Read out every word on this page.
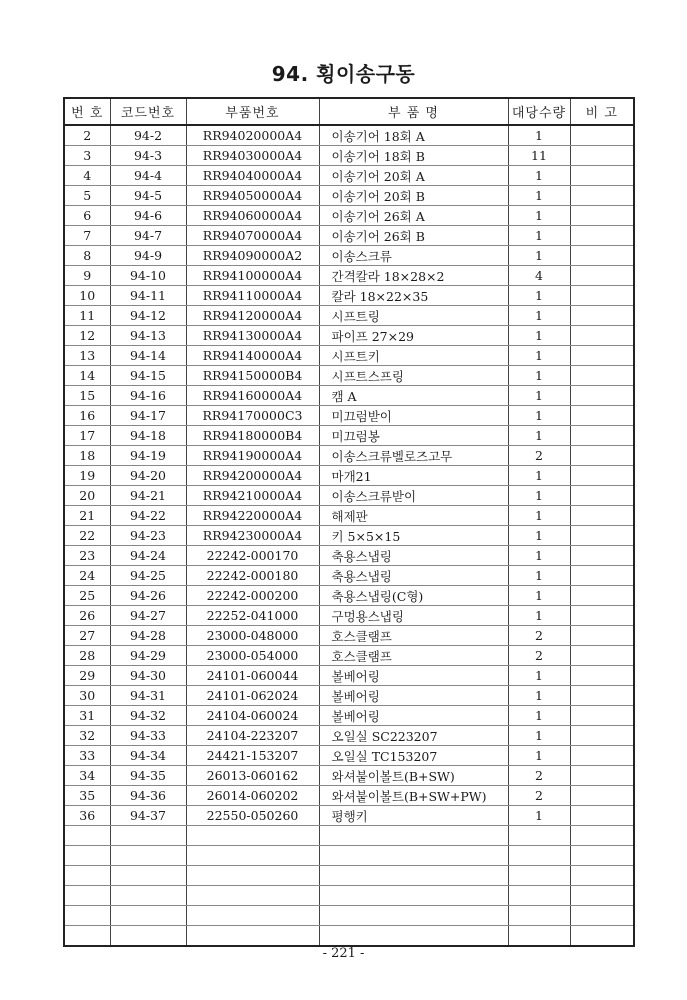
94. 횡이송구동
번 호	코드번호	부품번호	부 품 명	대당수량	비 고
2	94-2	RR94020000A4	이송기어 18회 A	1	
3	94-3	RR94030000A4	이송기어 18회 B	11	
4	94-4	RR94040000A4	이송기어 20회 A	1	
5	94-5	RR94050000A4	이송기어 20회 B	1	
6	94-6	RR94060000A4	이송기어 26회 A	1	
7	94-7	RR94070000A4	이송기어 26회 B	1	
8	94-9	RR94090000A2	이송스크류	1	
9	94-10	RR94100000A4	간격칼라 18×28×2	4	
10	94-11	RR94110000A4	칼라 18×22×35	1	
11	94-12	RR94120000A4	시프트링	1	
12	94-13	RR94130000A4	파이프 27×29	1	
13	94-14	RR94140000A4	시프트키	1	
14	94-15	RR94150000B4	시프트스프링	1	
15	94-16	RR94160000A4	캠 A	1	
16	94-17	RR94170000C3	미끄럼받이	1	
17	94-18	RR94180000B4	미끄럼봉	1	
18	94-19	RR94190000A4	이송스크류벨로즈고무	2	
19	94-20	RR94200000A4	마개21	1	
20	94-21	RR94210000A4	이송스크류받이	1	
21	94-22	RR94220000A4	해제판	1	
22	94-23	RR94230000A4	키 5×5×15	1	
23	94-24	22242-000170	축용스냅링	1	
24	94-25	22242-000180	축용스냅링	1	
25	94-26	22242-000200	축용스냅링(C형)	1	
26	94-27	22252-041000	구멍용스냅링	1	
27	94-28	23000-048000	호스클램프	2	
28	94-29	23000-054000	호스클램프	2	
29	94-30	24101-060044	볼베어링	1	
30	94-31	24101-062024	볼베어링	1	
31	94-32	24104-060024	볼베어링	1	
32	94-33	24104-223207	오일실 SC223207	1	
33	94-34	24421-153207	오일실 TC153207	1	
34	94-35	26013-060162	와셔붙이볼트(B+SW)	2	
35	94-36	26014-060202	와셔붙이볼트(B+SW+PW)	2	
36	94-37	22550-050260	평행키	1	

- 221 -
